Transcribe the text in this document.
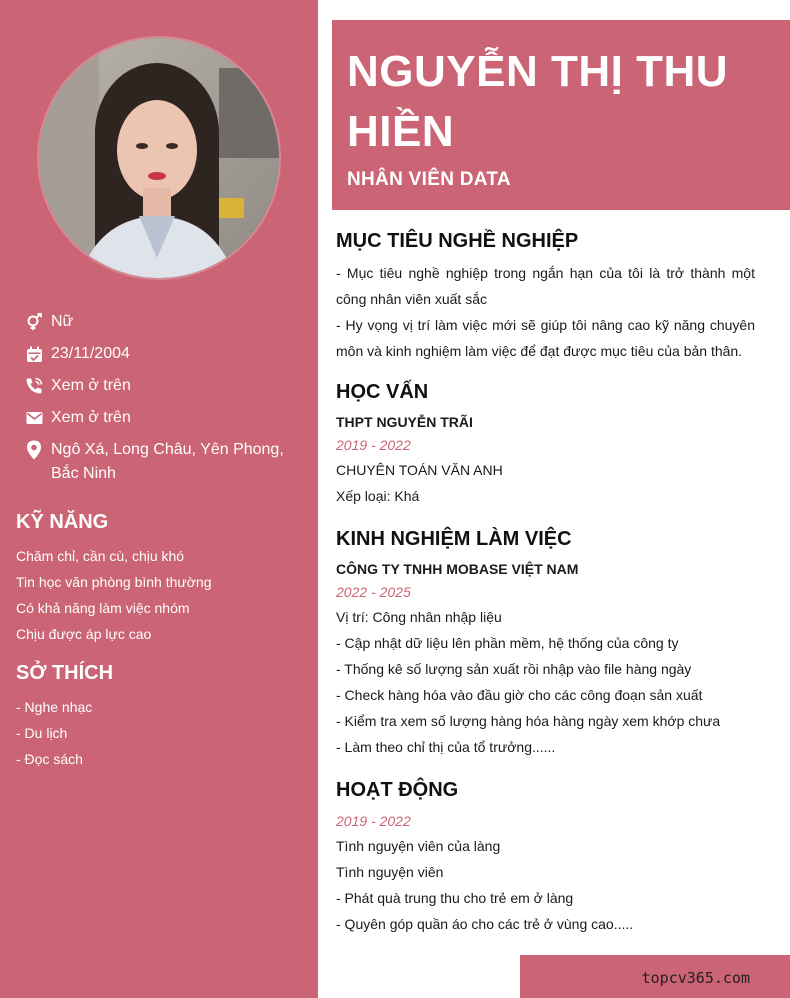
Nữ
23/11/2004
Xem ở trên
Xem ở trên
Ngô Xá, Long Châu, Yên Phong, Bắc Ninh
KỸ NĂNG
Chăm chỉ, cần cù, chịu khó
Tin học văn phòng bình thường
Có khả năng làm việc nhóm
Chịu được áp lực cao
SỞ THÍCH
- Nghe nhạc
- Du lịch
- Đọc sách
NGUYỄN THỊ THU HIỀN
NHÂN VIÊN DATA
MỤC TIÊU NGHỀ NGHIỆP
- Mục tiêu nghề nghiệp trong ngắn hạn của tôi là trở thành một công nhân viên xuất sắc
- Hy vọng vị trí làm việc mới sẽ giúp tôi nâng cao kỹ năng chuyên môn và kinh nghiệm làm việc để đạt được mục tiêu của bản thân.
HỌC VẤN
THPT NGUYỄN TRÃI
2019 - 2022
CHUYÊN TOÁN VĂN ANH
Xếp loại: Khá
KINH NGHIỆM LÀM VIỆC
CÔNG TY TNHH MOBASE VIỆT NAM
2022 - 2025
Vị trí: Công nhân nhập liệu
- Cập nhật dữ liệu lên phần mềm, hệ thống của công ty
- Thống kê số lượng sản xuất rồi nhập vào file hàng ngày
- Check hàng hóa vào đầu giờ cho các công đoạn sản xuất
- Kiểm tra xem số lượng hàng hóa hàng ngày xem khớp chưa
- Làm theo chỉ thị của tổ trưởng......
HOẠT ĐỘNG
2019 - 2022
Tình nguyện viên của làng
Tình nguyện viên
- Phát quà trung thu cho trẻ em ở làng
- Quyên góp quần áo cho các trẻ ở vùng cao.....
topcv365.com
